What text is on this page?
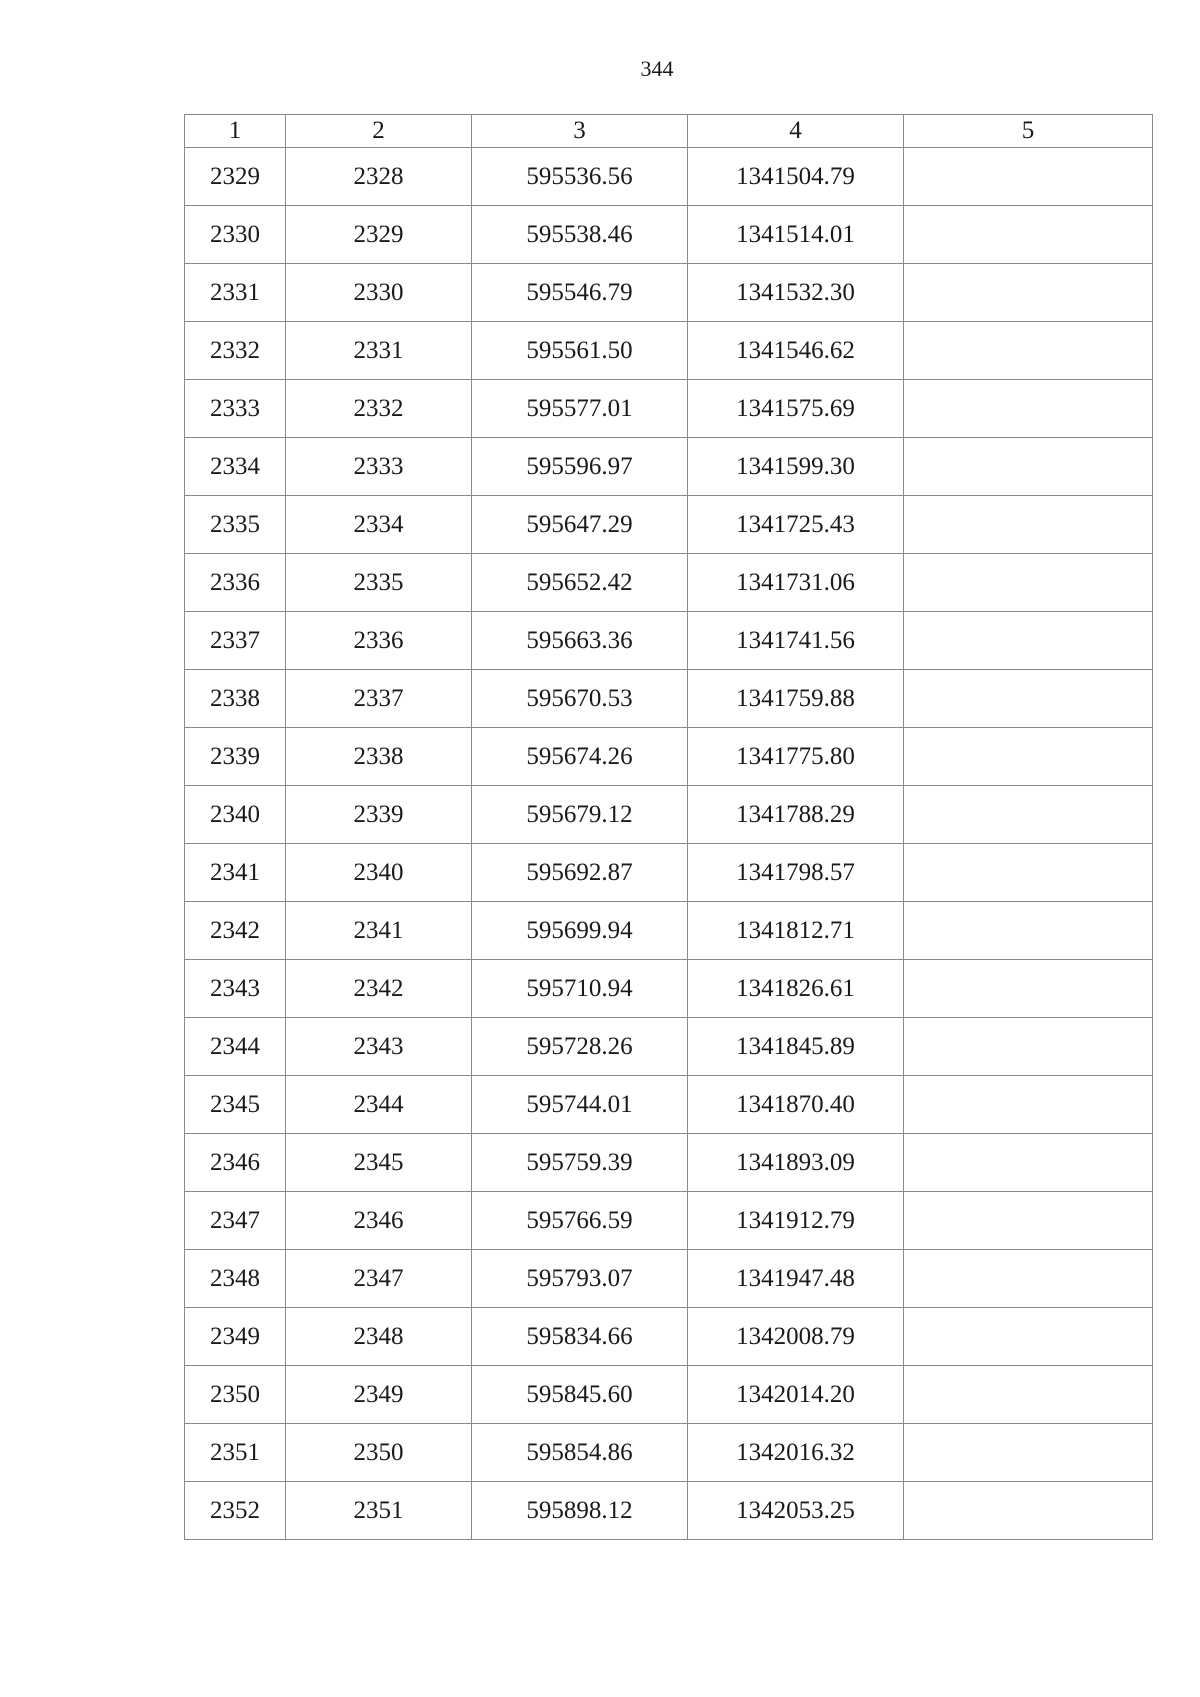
344
1	2	3	4	5
2329	2328	595536.56	1341504.79	
2330	2329	595538.46	1341514.01	
2331	2330	595546.79	1341532.30	
2332	2331	595561.50	1341546.62	
2333	2332	595577.01	1341575.69	
2334	2333	595596.97	1341599.30	
2335	2334	595647.29	1341725.43	
2336	2335	595652.42	1341731.06	
2337	2336	595663.36	1341741.56	
2338	2337	595670.53	1341759.88	
2339	2338	595674.26	1341775.80	
2340	2339	595679.12	1341788.29	
2341	2340	595692.87	1341798.57	
2342	2341	595699.94	1341812.71	
2343	2342	595710.94	1341826.61	
2344	2343	595728.26	1341845.89	
2345	2344	595744.01	1341870.40	
2346	2345	595759.39	1341893.09	
2347	2346	595766.59	1341912.79	
2348	2347	595793.07	1341947.48	
2349	2348	595834.66	1342008.79	
2350	2349	595845.60	1342014.20	
2351	2350	595854.86	1342016.32	
2352	2351	595898.12	1342053.25	
